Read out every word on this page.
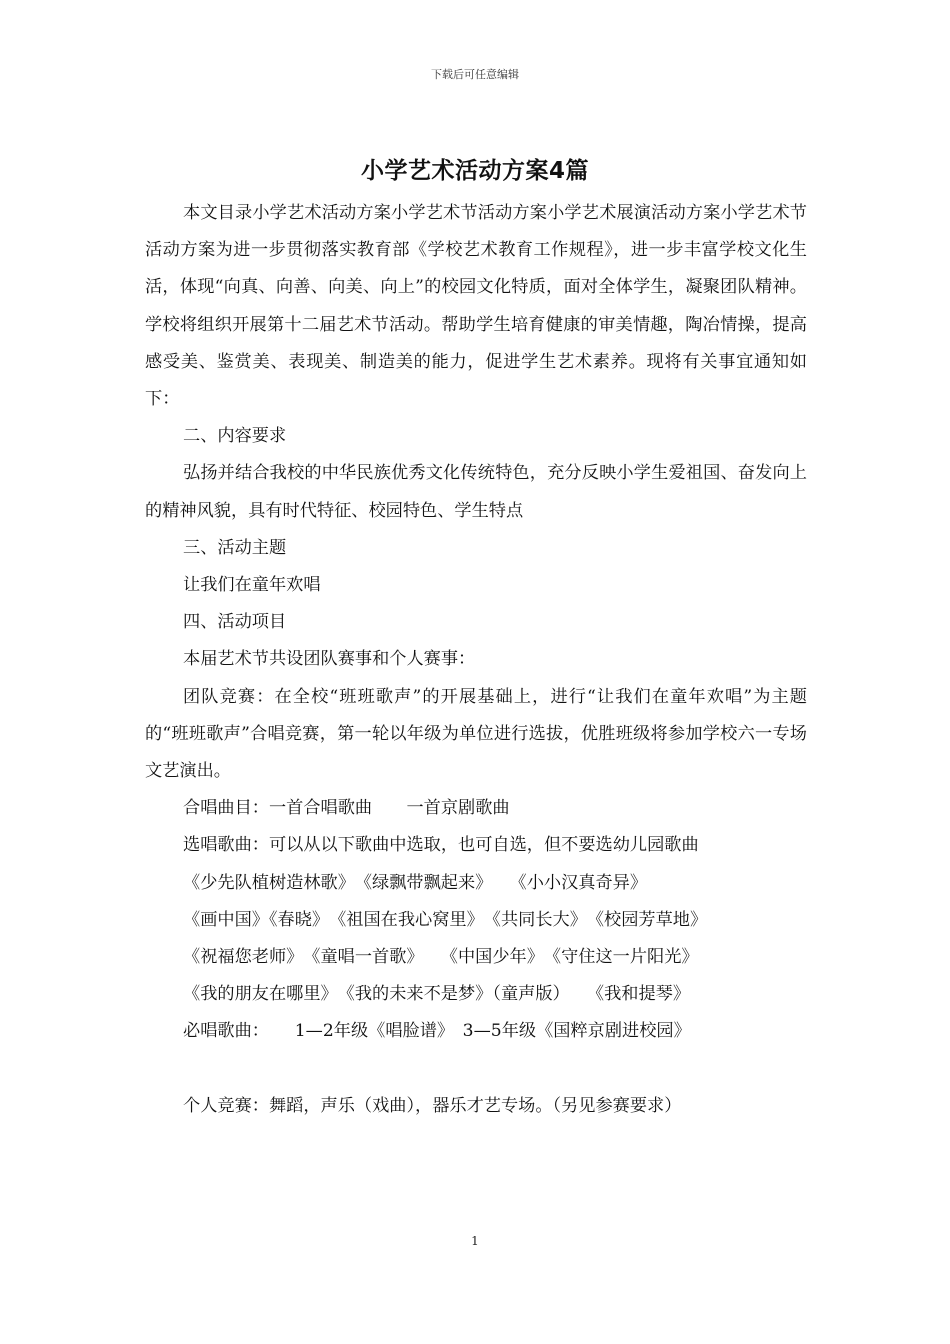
下载后可任意编辑
小学艺术活动方案4篇

本文目录小学艺术活动方案小学艺术节活动方案小学艺术展演活动方案小学艺术节活动方案为进一步贯彻落实教育部《学校艺术教育工作规程》，进一步丰富学校文化生活，体现“向真、向善、向美、向上”的校园文化特质，面对全体学生，凝聚团队精神。学校将组织开展第十二届艺术节活动。帮助学生培育健康的审美情趣，陶冶情操，提高感受美、鉴赏美、表现美、制造美的能力，促进学生艺术素养。现将有关事宜通知如下：

二、内容要求

弘扬并结合我校的中华民族优秀文化传统特色，充分反映小学生爱祖国、奋发向上的精神风貌，具有时代特征、校园特色、学生特点

三、活动主题

让我们在童年欢唱

四、活动项目

本届艺术节共设团队赛事和个人赛事：

团队竞赛：在全校“班班歌声”的开展基础上，进行“让我们在童年欢唱”为主题的“班班歌声”合唱竞赛，第一轮以年级为单位进行选拔，优胜班级将参加学校六一专场文艺演出。

合唱曲目：一首合唱歌曲　　一首京剧歌曲

选唱歌曲：可以从以下歌曲中选取，也可自选，但不要选幼儿园歌曲

《少先队植树造林歌》　《绿飘带飘起来》　　《小小汉真奇异》

《画中国》《春晓》　《祖国在我心窝里》　《共同长大》　《校园芳草地》

《祝福您老师》　《童唱一首歌》　　《中国少年》　《守住这一片阳光》

《我的朋友在哪里》　《我的未来不是梦》（童声版）　　《我和提琴》

必唱歌曲：　　1—2年级《唱脸谱》　3—5年级《国粹京剧进校园》

个人竞赛：舞蹈，声乐（戏曲），器乐才艺专场。（另见参赛要求）

1
